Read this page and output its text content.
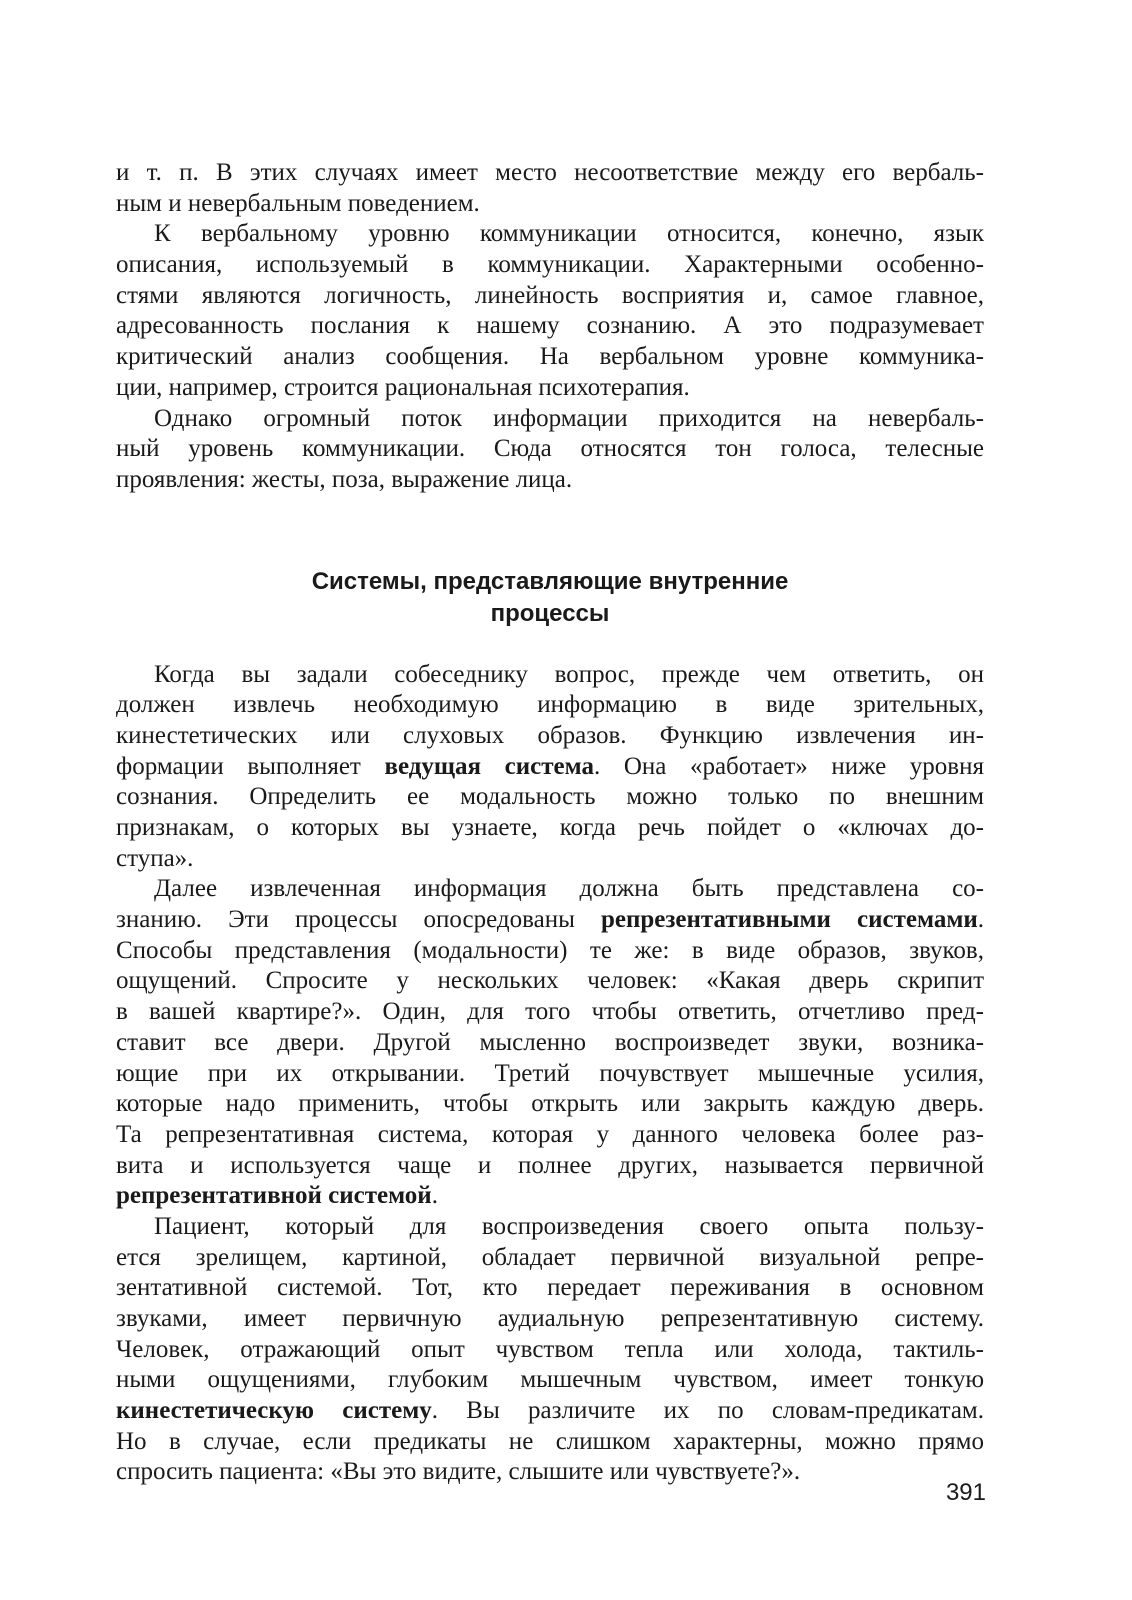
и т. п. В этих случаях имеет место несоответствие между его вербаль-
ным и невербальным поведением.
К вербальному уровню коммуникации относится, конечно, язык
описания, используемый в коммуникации. Характерными особенно-
стями являются логичность, линейность восприятия и, самое главное,
адресованность послания к нашему сознанию. А это подразумевает
критический анализ сообщения. На вербальном уровне коммуника-
ции, например, строится рациональная психотерапия.
Однако огромный поток информации приходится на невербаль-
ный уровень коммуникации. Сюда относятся тон голоса, телесные
проявления: жесты, поза, выражение лица.
Системы, представляющие внутренние
процессы
Когда вы задали собеседнику вопрос, прежде чем ответить, он
должен извлечь необходимую информацию в виде зрительных,
кинестетических или слуховых образов. Функцию извлечения ин-
формации выполняет ведущая система. Она «работает» ниже уровня
сознания. Определить ее модальность можно только по внешним
признакам, о которых вы узнаете, когда речь пойдет о «ключах до-
ступа».
Далее извлеченная информация должна быть представлена со-
знанию. Эти процессы опосредованы репрезентативными системами.
Способы представления (модальности) те же: в виде образов, звуков,
ощущений. Спросите у нескольких человек: «Какая дверь скрипит
в вашей квартире?». Один, для того чтобы ответить, отчетливо пред-
ставит все двери. Другой мысленно воспроизведет звуки, возника-
ющие при их открывании. Третий почувствует мышечные усилия,
которые надо применить, чтобы открыть или закрыть каждую дверь.
Та репрезентативная система, которая у данного человека более раз-
вита и используется чаще и полнее других, называется первичной
репрезентативной системой.
Пациент, который для воспроизведения своего опыта пользу-
ется зрелищем, картиной, обладает первичной визуальной репре-
зентативной системой. Тот, кто передает переживания в основном
звуками, имеет первичную аудиальную репрезентативную систему.
Человек, отражающий опыт чувством тепла или холода, тактиль-
ными ощущениями, глубоким мышечным чувством, имеет тонкую
кинестетическую систему. Вы различите их по словам-предикатам.
Но в случае, если предикаты не слишком характерны, можно прямо
спросить пациента: «Вы это видите, слышите или чувствуете?».
391
